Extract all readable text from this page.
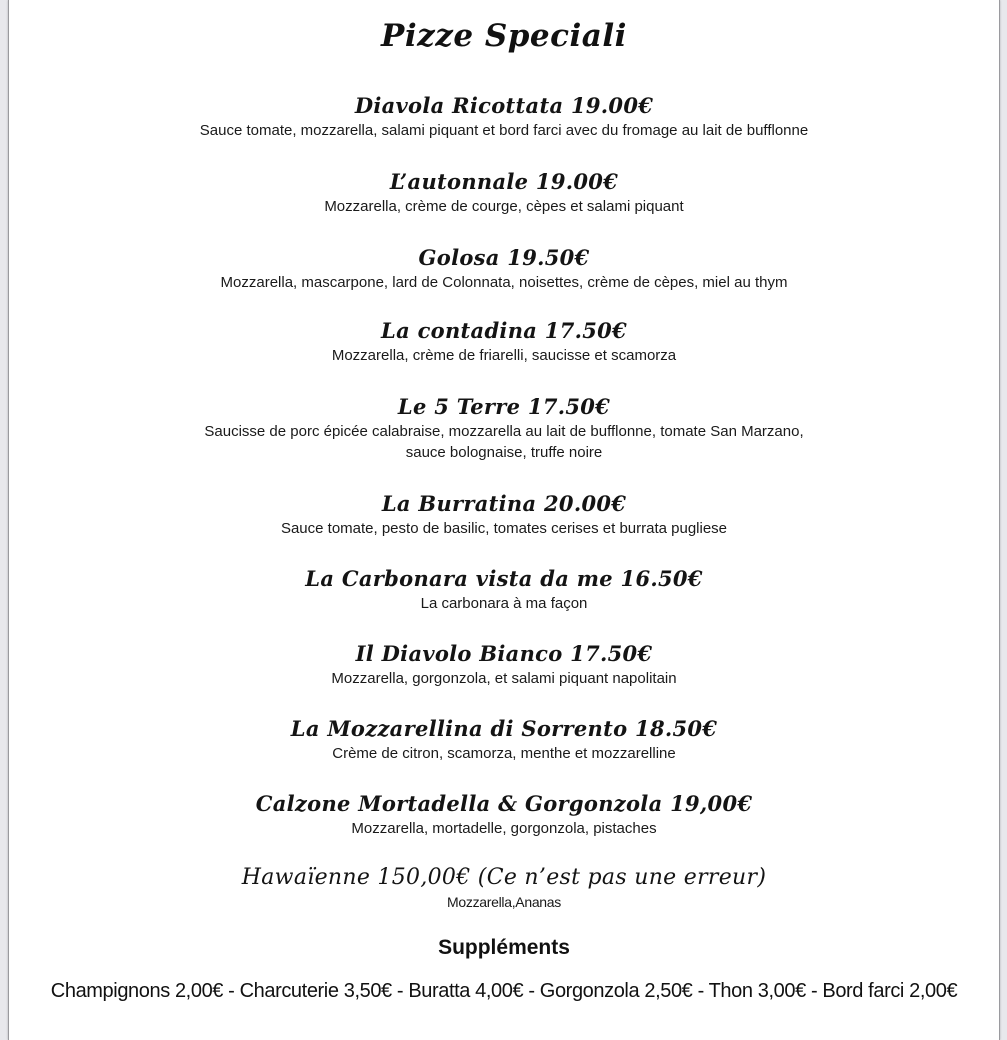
Pizze Speciali
Diavola Ricottata 19.00€
Sauce tomate, mozzarella, salami piquant et bord farci avec du fromage au lait de bufflonne
L’autonnale 19.00€
Mozzarella, crème de courge, cèpes et salami piquant
Golosa 19.50€
Mozzarella, mascarpone, lard de Colonnata, noisettes, crème de cèpes, miel au thym
La contadina 17.50€
Mozzarella, crème de friarelli, saucisse et scamorza
Le 5 Terre 17.50€
Saucisse de porc épicée calabraise, mozzarella au lait de bufflonne, tomate San Marzano,
sauce bolognaise, truffe noire
La Burratina 20.00€
Sauce tomate, pesto de basilic, tomates cerises et burrata pugliese
La Carbonara vista da me 16.50€
La carbonara à ma façon
Il Diavolo Bianco 17.50€
Mozzarella, gorgonzola, et salami piquant napolitain
La Mozzarellina di Sorrento 18.50€
Crème de citron, scamorza, menthe et mozzarelline
Calzone Mortadella & Gorgonzola 19,00€
Mozzarella, mortadelle, gorgonzola, pistaches
Hawaïenne 150,00€ (Ce n’est pas une erreur)
Mozzarella,Ananas
Suppléments
Champignons 2,00€ - Charcuterie 3,50€ - Buratta 4,00€ - Gorgonzola 2,50€ - Thon 3,00€ - Bord farci 2,00€
